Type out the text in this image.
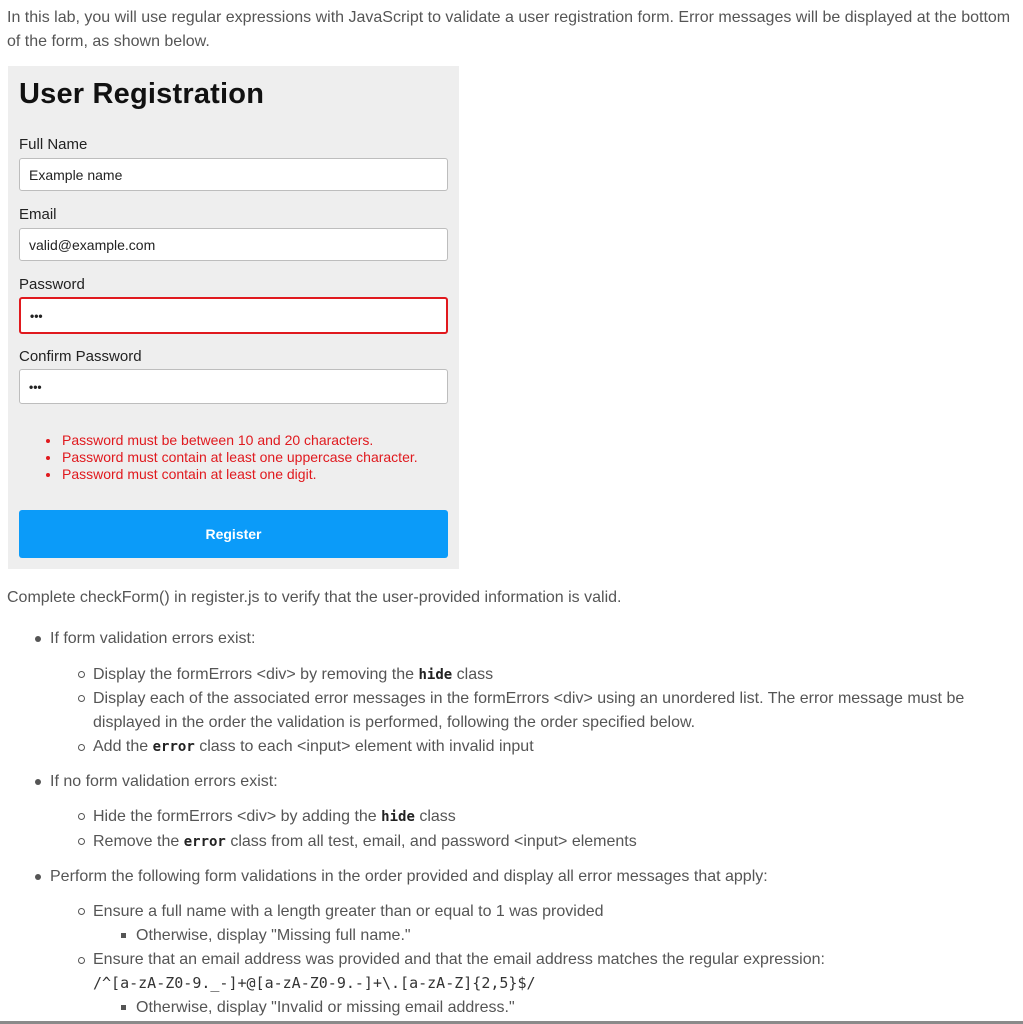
In this lab, you will use regular expressions with JavaScript to validate a user registration form. Error messages will be displayed at the bottom of the form, as shown below.
User Registration
Full Name
Example name
Email
valid@example.com
Password
•••
Confirm Password
•••
Password must be between 10 and 20 characters.
Password must contain at least one uppercase character.
Password must contain at least one digit.
Register
Complete checkForm() in register.js to verify that the user-provided information is valid.
If form validation errors exist:
Display the formErrors <div> by removing the hide class
Display each of the associated error messages in the formErrors <div> using an unordered list. The error message must be
displayed in the order the validation is performed, following the order specified below.
Add the error class to each <input> element with invalid input
If no form validation errors exist:
Hide the formErrors <div> by adding the hide class
Remove the error class from all test, email, and password <input> elements
Perform the following form validations in the order provided and display all error messages that apply:
Ensure a full name with a length greater than or equal to 1 was provided
Otherwise, display "Missing full name."
Ensure that an email address was provided and that the email address matches the regular expression:
/^[a-zA-Z0-9._-]+@[a-zA-Z0-9.-]+\.[a-zA-Z]{2,5}$/
Otherwise, display "Invalid or missing email address."
